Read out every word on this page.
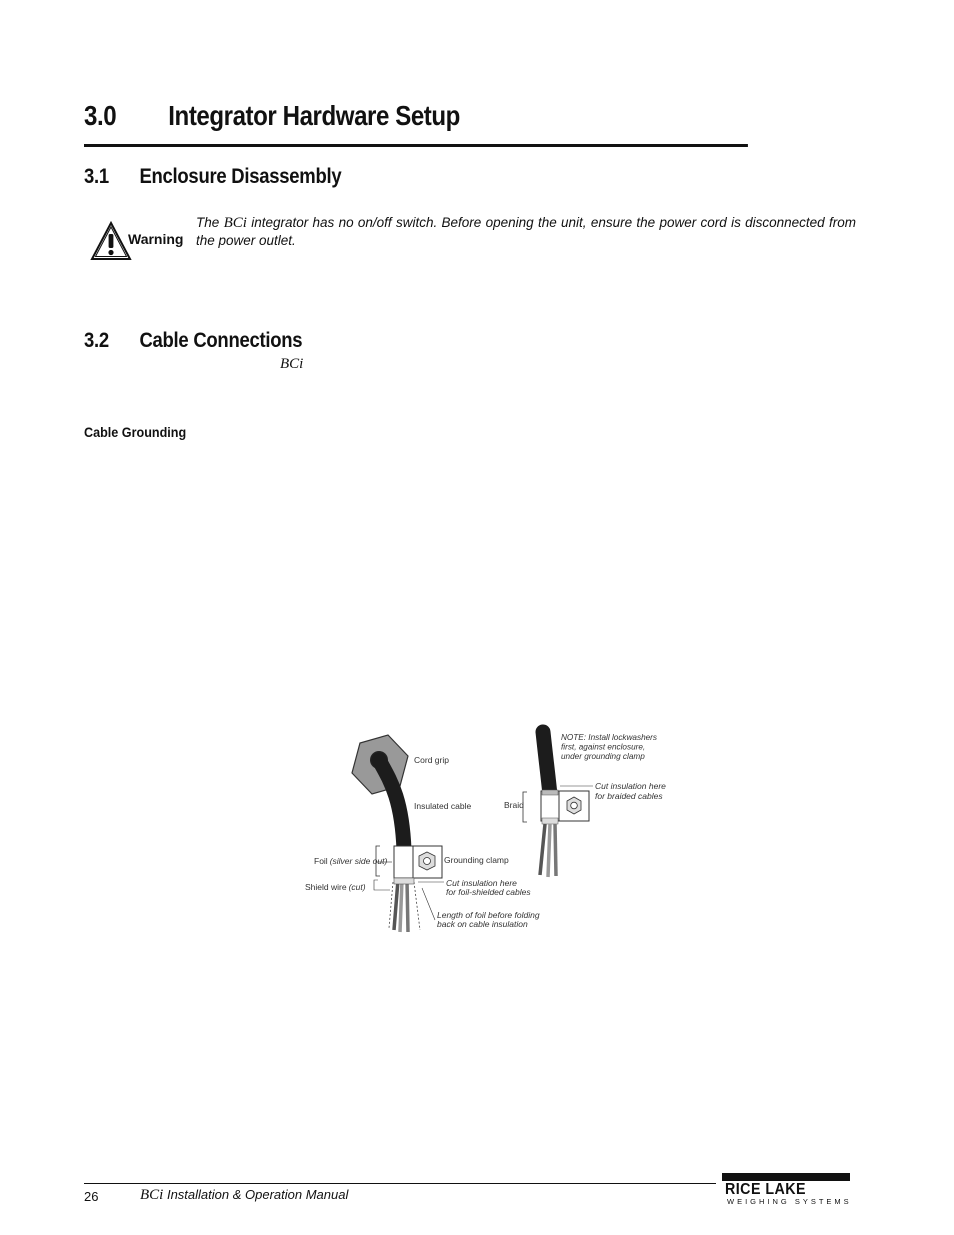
3.0 Integrator Hardware Setup
3.1 Enclosure Disassembly
Warning
The BCi integrator has no on/off switch. Before opening the unit, ensure the power cord is disconnected from the power outlet.
3.2 Cable Connections
BCi
Cable Grounding
Cord grip
Insulated cable
Foil (silver side out)	Grounding clamp
Shield wire (cut)	Cut insulation here for foil-shielded cables
Length of foil before folding back on cable insulation
NOTE: Install lockwashers first, against enclosure, under grounding clamp
Cut insulation here for braided cables
Braid
26	BCi Installation & Operation Manual	RICE LAKE
WEIGHING SYSTEMS
